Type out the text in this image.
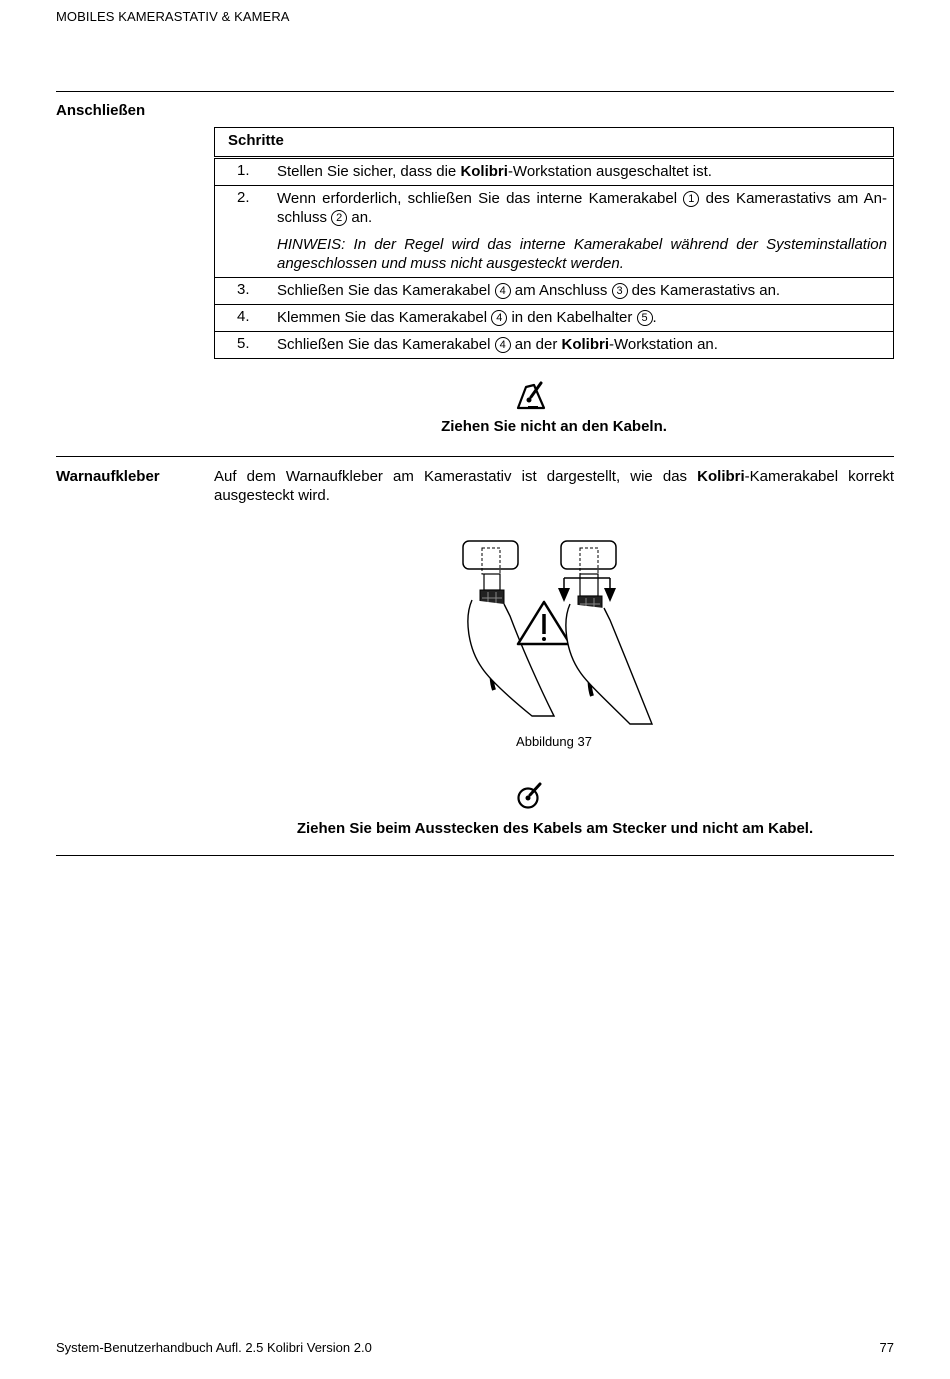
MOBILES KAMERASTATIV & KAMERA
Anschließen
Schritte	
1.	Stellen Sie sicher, dass die Kolibri-Workstation ausgeschaltet ist.
2.	Wenn erforderlich, schließen Sie das interne Kamerakabel 1 des Kamerastativs am An-schluss 2 an.
HINWEIS: In der Regel wird das interne Kamerakabel während der Systeminstallation angeschlossen und muss nicht ausgesteckt werden.

3.	Schließen Sie das Kamerakabel 4 am Anschluss 3 des Kamerastativs an.
4.	Klemmen Sie das Kamerakabel 4 in den Kabelhalter 5 .
5.	Schließen Sie das Kamerakabel 4 an der Kolibri-Workstation an.
Ziehen Sie nicht an den Kabeln.
Warnaufkleber	Auf dem Warnaufkleber am Kamerastativ ist dargestellt, wie das Kolibri-Kamerakabel korrekt ausgesteckt wird.
Abbildung 37
Ziehen Sie beim Ausstecken des Kabels am Stecker und nicht am Kabel.
System-Benutzerhandbuch Aufl. 2.5 Kolibri Version 2.0	77
